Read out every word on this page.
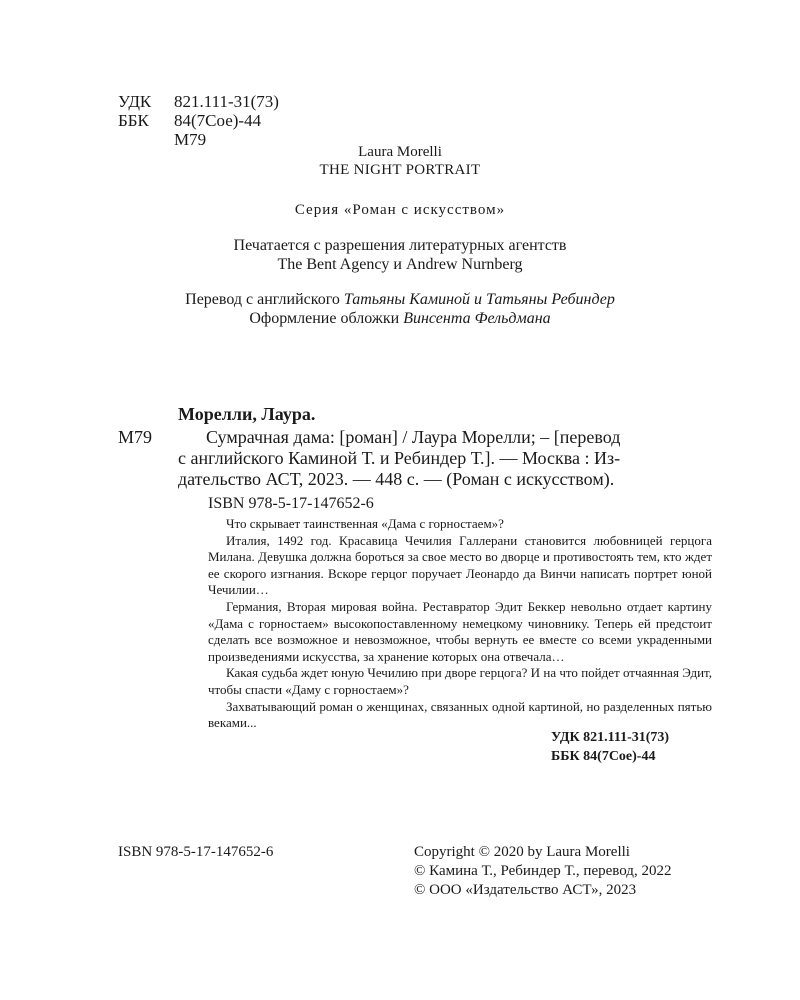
УДК 821.111-31(73)
ББК 84(7Сое)-44
М79
Laura Morelli
THE NIGHT PORTRAIT
Серия «Роман с искусством»
Печатается с разрешения литературных агентств
The Bent Agency и Andrew Nurnberg
Перевод с английского Татьяны Каминой и Татьяны Ребиндер
Оформление обложки Винсента Фельдмана
Морелли, Лаура.
М79	Сумрачная дама: [роман] / Лаура Морелли; – [перевод
с английского Каминой Т. и Ребиндер Т.]. — Москва : Из-
дательство АСТ, 2023. — 448 с. — (Роман с искусством).
ISBN 978-5-17-147652-6

Что скрывает таинственная «Дама с горностаем»?

Италия, 1492 год. Красавица Чечилия Галлерани становится любовницей герцога Милана. Девушка должна бороться за свое место во дворце и противостоять тем, кто ждет ее скорого изгнания. Вскоре герцог поручает Леонардо да Винчи написать портрет юной Чечилии…

Германия, Вторая мировая война. Реставратор Эдит Беккер невольно отдает картину «Дама с горностаем» высокопоставленному немецкому чиновнику. Теперь ей предстоит сделать все возможное и невозможное, чтобы вернуть ее вместе со всеми украденными произведениями искусства, за хранение которых она отвечала…

Какая судьба ждет юную Чечилию при дворе герцога? И на что пойдет отчаянная Эдит, чтобы спасти «Даму с горностаем»?

Захватывающий роман о женщинах, связанных одной картиной, но разделенных пятью веками...

УДК 821.111-31(73)
ББК 84(7Сое)-44
ISBN 978-5-17-147652-6	Copyright © 2020 by Laura Morelli
© Камина Т., Ребиндер Т., перевод, 2022
© ООО «Издательство АСТ», 2023
